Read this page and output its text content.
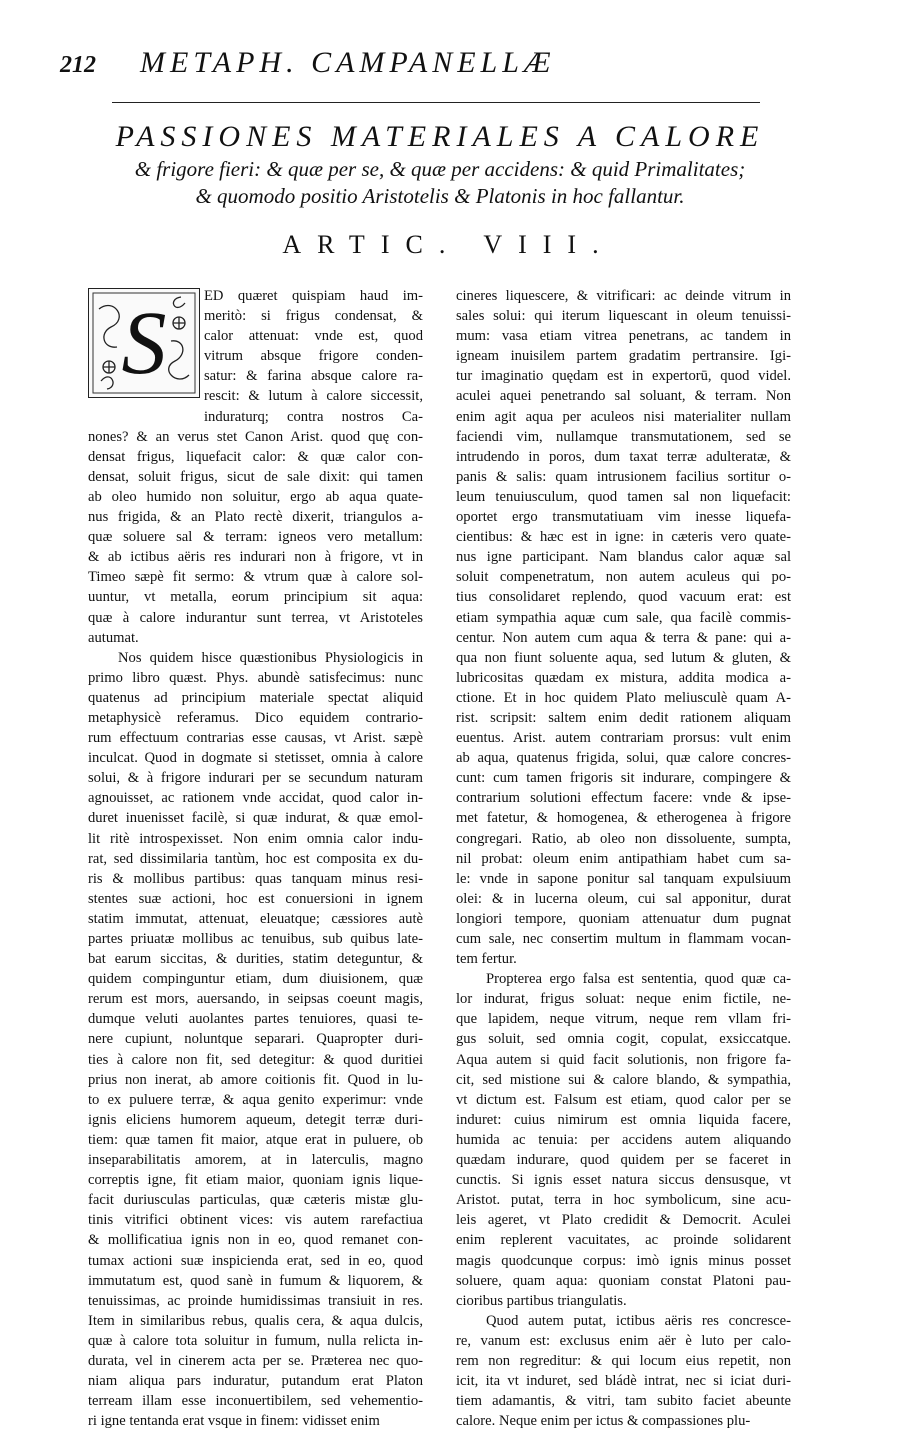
212	METAPH. CAMPANELLÆ
PASSIONES MATERIALES A CALORE
& frigore fieri: & quæ per se, & quæ per accidens: & quid Primalitates;
& quomodo positio Aristotelis & Platonis in hoc fallantur.
ARTIC. VIII.
S	ED quæret quispiam haud im-
meritò: si frigus condensat, &
calor attenuat: vnde est, quod
vitrum absque frigore conden-
satur: & farina absque calore ra-
rescit: & lutum à calore siccessit,
induraturq; contra nostros Ca-
nones? & an verus stet Canon Arist. quod quę con-
densat frigus, liquefacit calor: & quæ calor con-
densat, soluit frigus, sicut de sale dixit: qui tamen
ab oleo humido non soluitur, ergo ab aqua quate-
nus frigida, & an Plato rectè dixerit, triangulos a-
quæ soluere sal & terram: igneos vero metallum:
& ab ictibus aëris res indurari non à frigore, vt in
Timeo sæpè fit sermo: & vtrum quæ à calore sol-
uuntur, vt metalla, eorum principium sit aqua:
quæ à calore indurantur sunt terrea, vt Aristoteles
autumat.
Nos quidem hisce quæstionibus Physiologicis in
primo libro quæst. Phys. abundè satisfecimus: nunc
quatenus ad principium materiale spectat aliquid
metaphysicè referamus. Dico equidem contrario-
rum effectuum contrarias esse causas, vt Arist. sæpè
inculcat. Quod in dogmate si stetisset, omnia à calore
solui, & à frigore indurari per se secundum naturam
agnouisset, ac rationem vnde accidat, quod calor in-
duret inuenisset facilè, si quæ indurat, & quæ emol-
lit ritè introspexisset. Non enim omnia calor indu-
rat, sed dissimilaria tantùm, hoc est composita ex du-
ris & mollibus partibus: quas tanquam minus resi-
stentes suæ actioni, hoc est conuersioni in ignem
statim immutat, attenuat, eleuatque; cæssiores autè
partes priuatæ mollibus ac tenuibus, sub quibus late-
bat earum siccitas, & durities, statim deteguntur, &
quidem compinguntur etiam, dum diuisionem, quæ
rerum est mors, auersando, in seipsas coeunt magis,
dumque veluti auolantes partes tenuiores, quasi te-
nere cupiunt, noluntque separari. Quapropter duri-
ties à calore non fit, sed detegitur: & quod duritiei
prius non inerat, ab amore coitionis fit. Quod in lu-
to ex puluere terræ, & aqua genito experimur: vnde
ignis eliciens humorem aqueum, detegit terræ duri-
tiem: quæ tamen fit maior, atque erat in puluere, ob
inseparabilitatis amorem, at in laterculis, magno
correptis igne, fit etiam maior, quoniam ignis lique-
facit duriusculas particulas, quæ cæteris mistæ glu-
tinis vitrifici obtinent vices: vis autem rarefactiua
& mollificatiua ignis non in eo, quod remanet con-
tumax actioni suæ inspicienda erat, sed in eo, quod
immutatum est, quod sanè in fumum & liquorem, &
tenuissimas, ac proinde humidissimas transiuit in res.
Item in similaribus rebus, qualis cera, & aqua dulcis,
quæ à calore tota soluitur in fumum, nulla relicta in-
durata, vel in cinerem acta per se. Præterea nec quo-
niam aliqua pars induratur, putandum erat Platon
terream illam esse inconuertibilem, sed vehementio-
ri igne tentanda erat vsque in finem: vidisset enim
cineres liquescere, & vitrificari: ac deinde vitrum in
sales solui: qui iterum liquescant in oleum tenuissi-
mum: vasa etiam vitrea penetrans, ac tandem in
igneam inuisilem partem gradatim pertransire. Igi-
tur imaginatio quędam est in expertorū, quod videl.
aculei aquei penetrando sal soluant, & terram. Non
enim agit aqua per aculeos nisi materialiter nullam
faciendi vim, nullamque transmutationem, sed se
intrudendo in poros, dum taxat terræ adulteratæ, &
panis & salis: quam intrusionem facilius sortitur o-
leum tenuiusculum, quod tamen sal non liquefacit:
oportet ergo transmutatiuam vim inesse liquefa-
cientibus: & hæc est in igne: in cæteris vero quate-
nus igne participant. Nam blandus calor aquæ sal
soluit compenetratum, non autem aculeus qui po-
tius consolidaret replendo, quod vacuum erat: est
etiam sympathia aquæ cum sale, qua facilè commis-
centur. Non autem cum aqua & terra & pane: qui a-
qua non fiunt soluente aqua, sed lutum & gluten, &
lubricositas quædam ex mistura, addita modica a-
ctione. Et in hoc quidem Plato meliusculè quam A-
rist. scripsit: saltem enim dedit rationem aliquam
euentus. Arist. autem contrariam prorsus: vult enim
ab aqua, quatenus frigida, solui, quæ calore concres-
cunt: cum tamen frigoris sit indurare, compingere &
contrarium solutioni effectum facere: vnde & ipse-
met fatetur, & homogenea, & etherogenea à frigore
congregari. Ratio, ab oleo non dissoluente, sumpta,
nil probat: oleum enim antipathiam habet cum sa-
le: vnde in sapone ponitur sal tanquam expulsiuum
olei: & in lucerna oleum, cui sal apponitur, durat
longiori tempore, quoniam attenuatur dum pugnat
cum sale, nec consertim multum in flammam vocan-
tem fertur.
Propterea ergo falsa est sententia, quod quæ ca-
lor indurat, frigus soluat: neque enim fictile, ne-
que lapidem, neque vitrum, neque rem vllam fri-
gus soluit, sed omnia cogit, copulat, exsiccatque.
Aqua autem si quid facit solutionis, non frigore fa-
cit, sed mistione sui & calore blando, & sympathia,
vt dictum est. Falsum est etiam, quod calor per se
induret: cuius nimirum est omnia liquida facere,
humida ac tenuia: per accidens autem aliquando
quædam indurare, quod quidem per se faceret in
cunctis. Si ignis esset natura siccus densusque, vt
Aristot. putat, terra in hoc symbolicum, sine acu-
leis ageret, vt Plato credidit & Democrit. Aculei
enim replerent vacuitates, ac proinde solidarent
magis quodcunque corpus: imò ignis minus posset
soluere, quam aqua: quoniam constat Platoni pau-
cioribus partibus triangulatis.
Quod autem putat, ictibus aëris res concresce-
re, vanum est: exclusus enim aër è luto per calo-
rem non regreditur: & qui locum eius repetit, non
icit, ita vt induret, sed bládè intrat, nec si iciat duri-
tiem adamantis, & vitri, tam subito faciet abeunte
calore. Neque enim per ictus & compassiones plu-
